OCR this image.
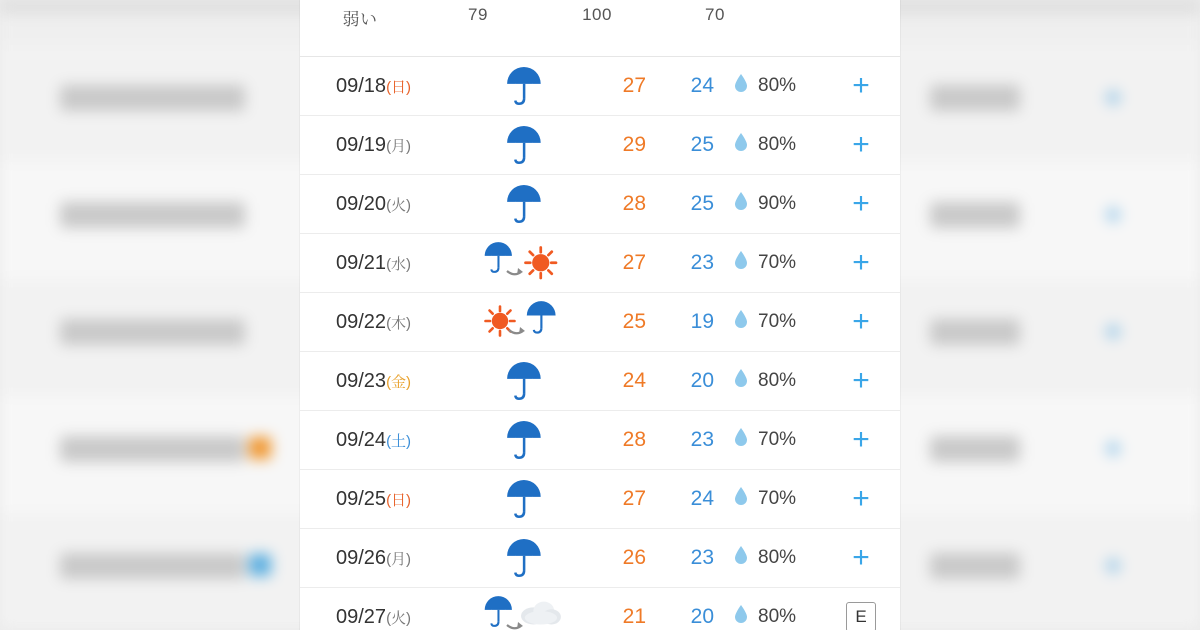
+
+
+
+
+
弱い	79	100	70
09/18(日)	27	24 80%	+
09/19(月)	29	25 80%	+
09/20(火)	28	25 90%	+
09/21(水)	27	23 70%	+
09/22(木)	25	19 70%	+
09/23(金)	24	20 80%	+
09/24(土)	28	23 70%	+
09/25(日)	27	24 70%	+
09/26(月)	26	23 80%	+
09/27(火)	21	20 80%	E
